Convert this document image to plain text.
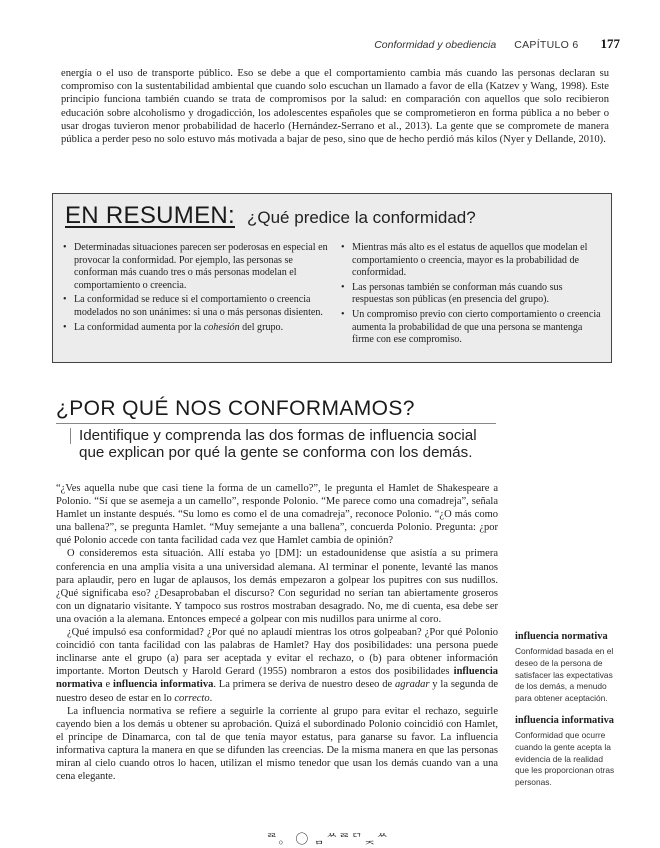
Conformidad y obediencia CAPÍTULO 6 177

energía o el uso de transporte público. Eso se debe a que el comportamiento cambia más cuando las personas declaran su compromiso con la sustentabilidad ambiental que cuando solo escuchan un llamado a favor de ella (Katzev y Wang, 1998). Este principio funciona también cuando se trata de compromisos por la salud: en comparación con aquellos que solo recibieron educación sobre alcoholismo y drogadicción, los adolescentes españoles que se comprometieron en forma pública a no beber o usar drogas tuvieron menor probabilidad de hacerlo (Hernández-Serrano et al., 2013). La gente que se compromete de manera pública a perder peso no solo estuvo más motivada a bajar de peso, sino que de hecho perdió más kilos (Nyer y Dellande, 2010).

EN RESUMEN: ¿Qué predice la conformidad?
• Determinadas situaciones parecen ser poderosas en especial en provocar la conformidad. Por ejemplo, las personas se conforman más cuando tres o más personas modelan el comportamiento o creencia.
• La conformidad se reduce si el comportamiento o creencia modelados no son unánimes: si una o más personas disienten.
• La conformidad aumenta por la cohesión del grupo.
• Mientras más alto es el estatus de aquellos que modelan el comportamiento o creencia, mayor es la probabilidad de conformidad.
• Las personas también se conforman más cuando sus respuestas son públicas (en presencia del grupo).
• Un compromiso previo con cierto comportamiento o creencia aumenta la probabilidad de que una persona se mantenga firme con ese compromiso.
¿POR QUÉ NOS CONFORMAMOS?

Identifique y comprenda las dos formas de influencia social que explican por qué la gente se conforma con los demás.

“¿Ves aquella nube que casi tiene la forma de un camello?”, le pregunta el Hamlet de Shakespeare a Polonio. “Sí que se asemeja a un camello”, responde Polonio. “Me parece como una comadreja”, señala Hamlet un instante después. “Su lomo es como el de una comadreja”, reconoce Polonio. “¿O más como una ballena?”, se pregunta Hamlet. “Muy semejante a una ballena”, concuerda Polonio. Pregunta: ¿por qué Polonio accede con tanta facilidad cada vez que Hamlet cambia de opinión?

O consideremos esta situación. Allí estaba yo [DM]: un estadounidense que asistía a su primera conferencia en una amplia visita a una universidad alemana. Al terminar el ponente, levanté las manos para aplaudir, pero en lugar de aplausos, los demás empezaron a golpear los pupitres con sus nudillos. ¿Qué significaba eso? ¿Desaprobaban el discurso? Con seguridad no serían tan abiertamente groseros con un dignatario visitante. Y tampoco sus rostros mostraban desagrado. No, me di cuenta, esa debe ser una ovación a la alemana. Entonces empecé a golpear con mis nudillos para unirme al coro.

¿Qué impulsó esa conformidad? ¿Por qué no aplaudí mientras los otros golpeaban? ¿Por qué Polonio coincidió con tanta facilidad con las palabras de Hamlet? Hay dos posibilidades: una persona puede inclinarse ante el grupo (a) para ser aceptada y evitar el rechazo, o (b) para obtener información importante. Morton Deutsch y Harold Gerard (1955) nombraron a estos dos posibilidades influencia normativa e influencia informativa. La primera se deriva de nuestro deseo de agradar y la segunda de nuestro deseo de estar en lo correcto.

La influencia normativa se refiere a seguirle la corriente al grupo para evitar el rechazo, seguirle cayendo bien a los demás u obtener su aprobación. Quizá el subordinado Polonio coincidió con Hamlet, el príncipe de Dinamarca, con tal de que tenía mayor estatus, para ganarse su favor. La influencia informativa captura la manera en que se difunden las creencias. De la misma manera en que las personas miran al cielo cuando otros lo hacen, utilizan el mismo tenedor que usan los demás cuando van a una cena elegante.

influencia normativa
Conformidad basada en el deseo de la persona de satisfacer las expectativas de los demás, a menudo para obtener aceptación.
influencia informativa
Conformidad que ocurre cuando la gente acepta la evidencia de la realidad que les proporcionan otras personas.
ᄙ。 ◯ ᆷᄊᄙᄗᆽᄊ
